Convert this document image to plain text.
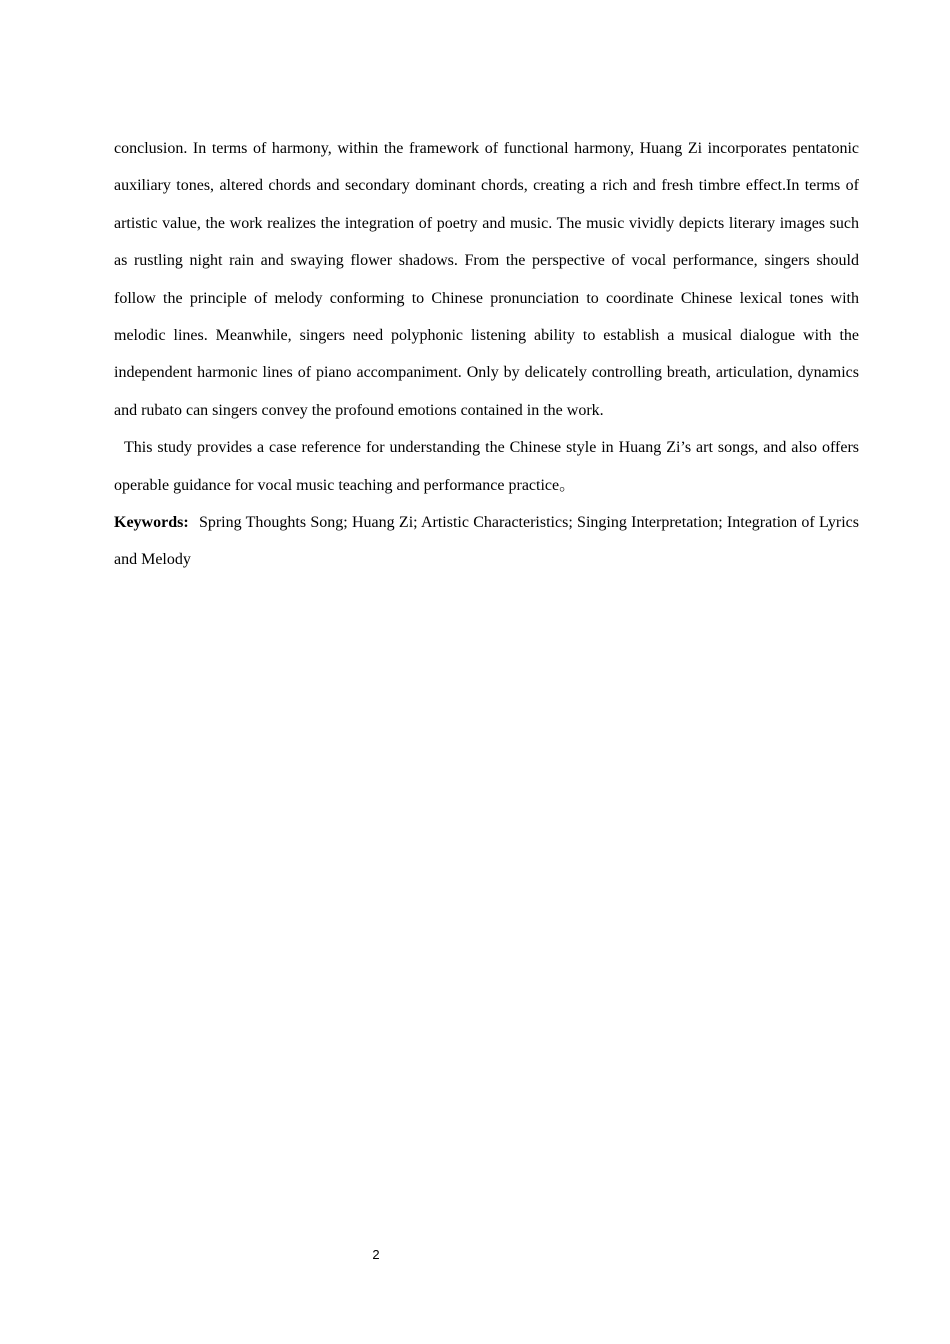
conclusion. In terms of harmony, within the framework of functional harmony, Huang Zi incorporates pentatonic auxiliary tones, altered chords and secondary dominant chords, creating a rich and fresh timbre effect.In terms of artistic value, the work realizes the integration of poetry and music. The music vividly depicts literary images such as rustling night rain and swaying flower shadows. From the perspective of vocal performance, singers should follow the principle of melody conforming to Chinese pronunciation to coordinate Chinese lexical tones with melodic lines. Meanwhile, singers need polyphonic listening ability to establish a musical dialogue with the independent harmonic lines of piano accompaniment. Only by delicately controlling breath, articulation, dynamics and rubato can singers convey the profound emotions contained in the work.

This study provides a case reference for understanding the Chinese style in Huang Zi’s art songs, and also offers operable guidance for vocal music teaching and performance practice。

Keywords: Spring Thoughts Song; Huang Zi; Artistic Characteristics; Singing Interpretation; Integration of Lyrics and Melody

2
